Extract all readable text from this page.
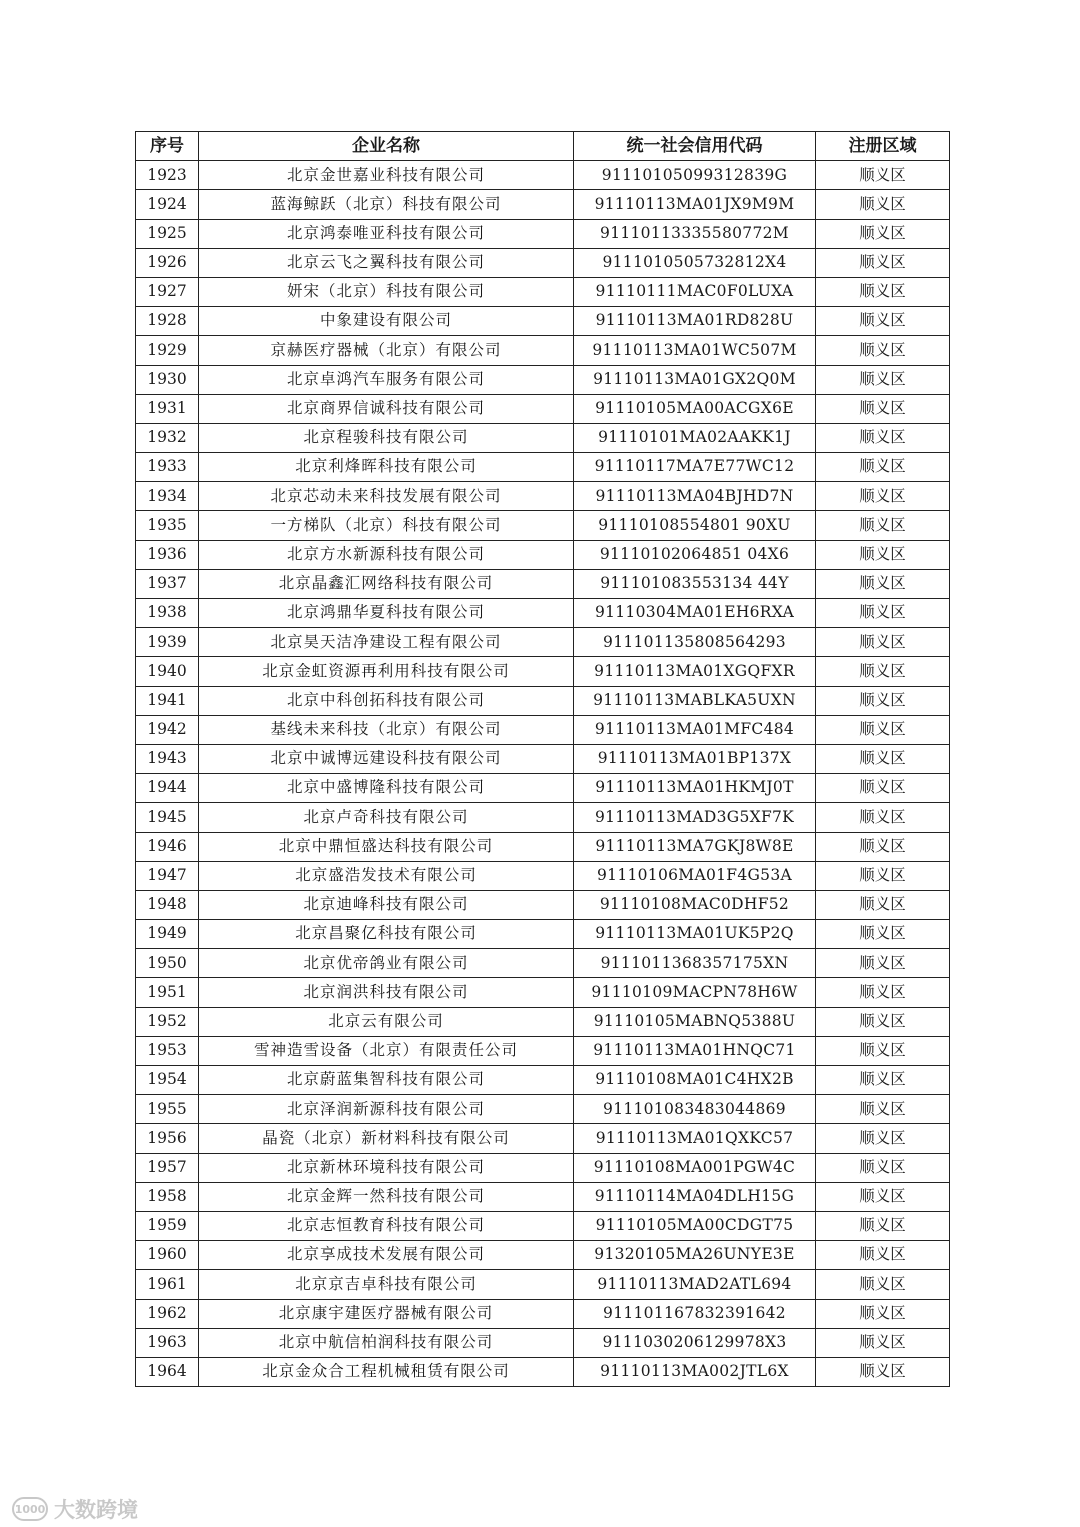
序号	企业名称	统一社会信用代码	注册区域
1923	北京金世嘉业科技有限公司	91110105099312839G	顺义区
1924	蓝海鲸跃（北京）科技有限公司	91110113MA01JX9M9M	顺义区
1925	北京鸿泰唯亚科技有限公司	91110113335580772M	顺义区
1926	北京云飞之翼科技有限公司	9111010505732812X4	顺义区
1927	妍宋（北京）科技有限公司	91110111MAC0F0LUXA	顺义区
1928	中象建设有限公司	91110113MA01RD828U	顺义区
1929	京赫医疗器械（北京）有限公司	91110113MA01WC507M	顺义区
1930	北京卓鸿汽车服务有限公司	91110113MA01GX2Q0M	顺义区
1931	北京商界信诚科技有限公司	91110105MA00ACGX6E	顺义区
1932	北京程骏科技有限公司	91110101MA02AAKK1J	顺义区
1933	北京利烽晖科技有限公司	91110117MA7E77WC12	顺义区
1934	北京芯动未来科技发展有限公司	91110113MA04BJHD7N	顺义区
1935	一方梯队（北京）科技有限公司	91110108554801 90XU	顺义区
1936	北京方水新源科技有限公司	91110102064851 04X6	顺义区
1937	北京晶鑫汇网络科技有限公司	911101083553134 44Y	顺义区
1938	北京鸿鼎华夏科技有限公司	91110304MA01EH6RXA	顺义区
1939	北京昊天洁净建设工程有限公司	911101135808564293	顺义区
1940	北京金虹资源再利用科技有限公司	91110113MA01XGQFXR	顺义区
1941	北京中科创拓科技有限公司	91110113MABLKA5UXN	顺义区
1942	基线未来科技（北京）有限公司	91110113MA01MFC484	顺义区
1943	北京中诚博远建设科技有限公司	91110113MA01BP137X	顺义区
1944	北京中盛博隆科技有限公司	91110113MA01HKMJ0T	顺义区
1945	北京卢奇科技有限公司	91110113MAD3G5XF7K	顺义区
1946	北京中鼎恒盛达科技有限公司	91110113MA7GKJ8W8E	顺义区
1947	北京盛浩发技术有限公司	91110106MA01F4G53A	顺义区
1948	北京迪峰科技有限公司	91110108MAC0DHF52	顺义区
1949	北京昌聚亿科技有限公司	91110113MA01UK5P2Q	顺义区
1950	北京优帝鸽业有限公司	9111011368357175XN	顺义区
1951	北京润洪科技有限公司	91110109MACPN78H6W	顺义区
1952	北京云有限公司	91110105MABNQ5388U	顺义区
1953	雪神造雪设备（北京）有限责任公司	91110113MA01HNQC71	顺义区
1954	北京蔚蓝集智科技有限公司	91110108MA01C4HX2B	顺义区
1955	北京泽润新源科技有限公司	911101083483044869	顺义区
1956	晶瓷（北京）新材料科技有限公司	91110113MA01QXKC57	顺义区
1957	北京新林环境科技有限公司	91110108MA001PGW4C	顺义区
1958	北京金辉一然科技有限公司	91110114MA04DLH15G	顺义区
1959	北京志恒教育科技有限公司	91110105MA00CDGT75	顺义区
1960	北京享成技术发展有限公司	91320105MA26UNYE3E	顺义区
1961	北京京吉卓科技有限公司	91110113MAD2ATL694	顺义区
1962	北京康宇建医疗器械有限公司	911101167832391642	顺义区
1963	北京中航信柏润科技有限公司	9111030206129978X3	顺义区
1964	北京金众合工程机械租赁有限公司	91110113MA002JTL6X	顺义区
1000 大数跨境
